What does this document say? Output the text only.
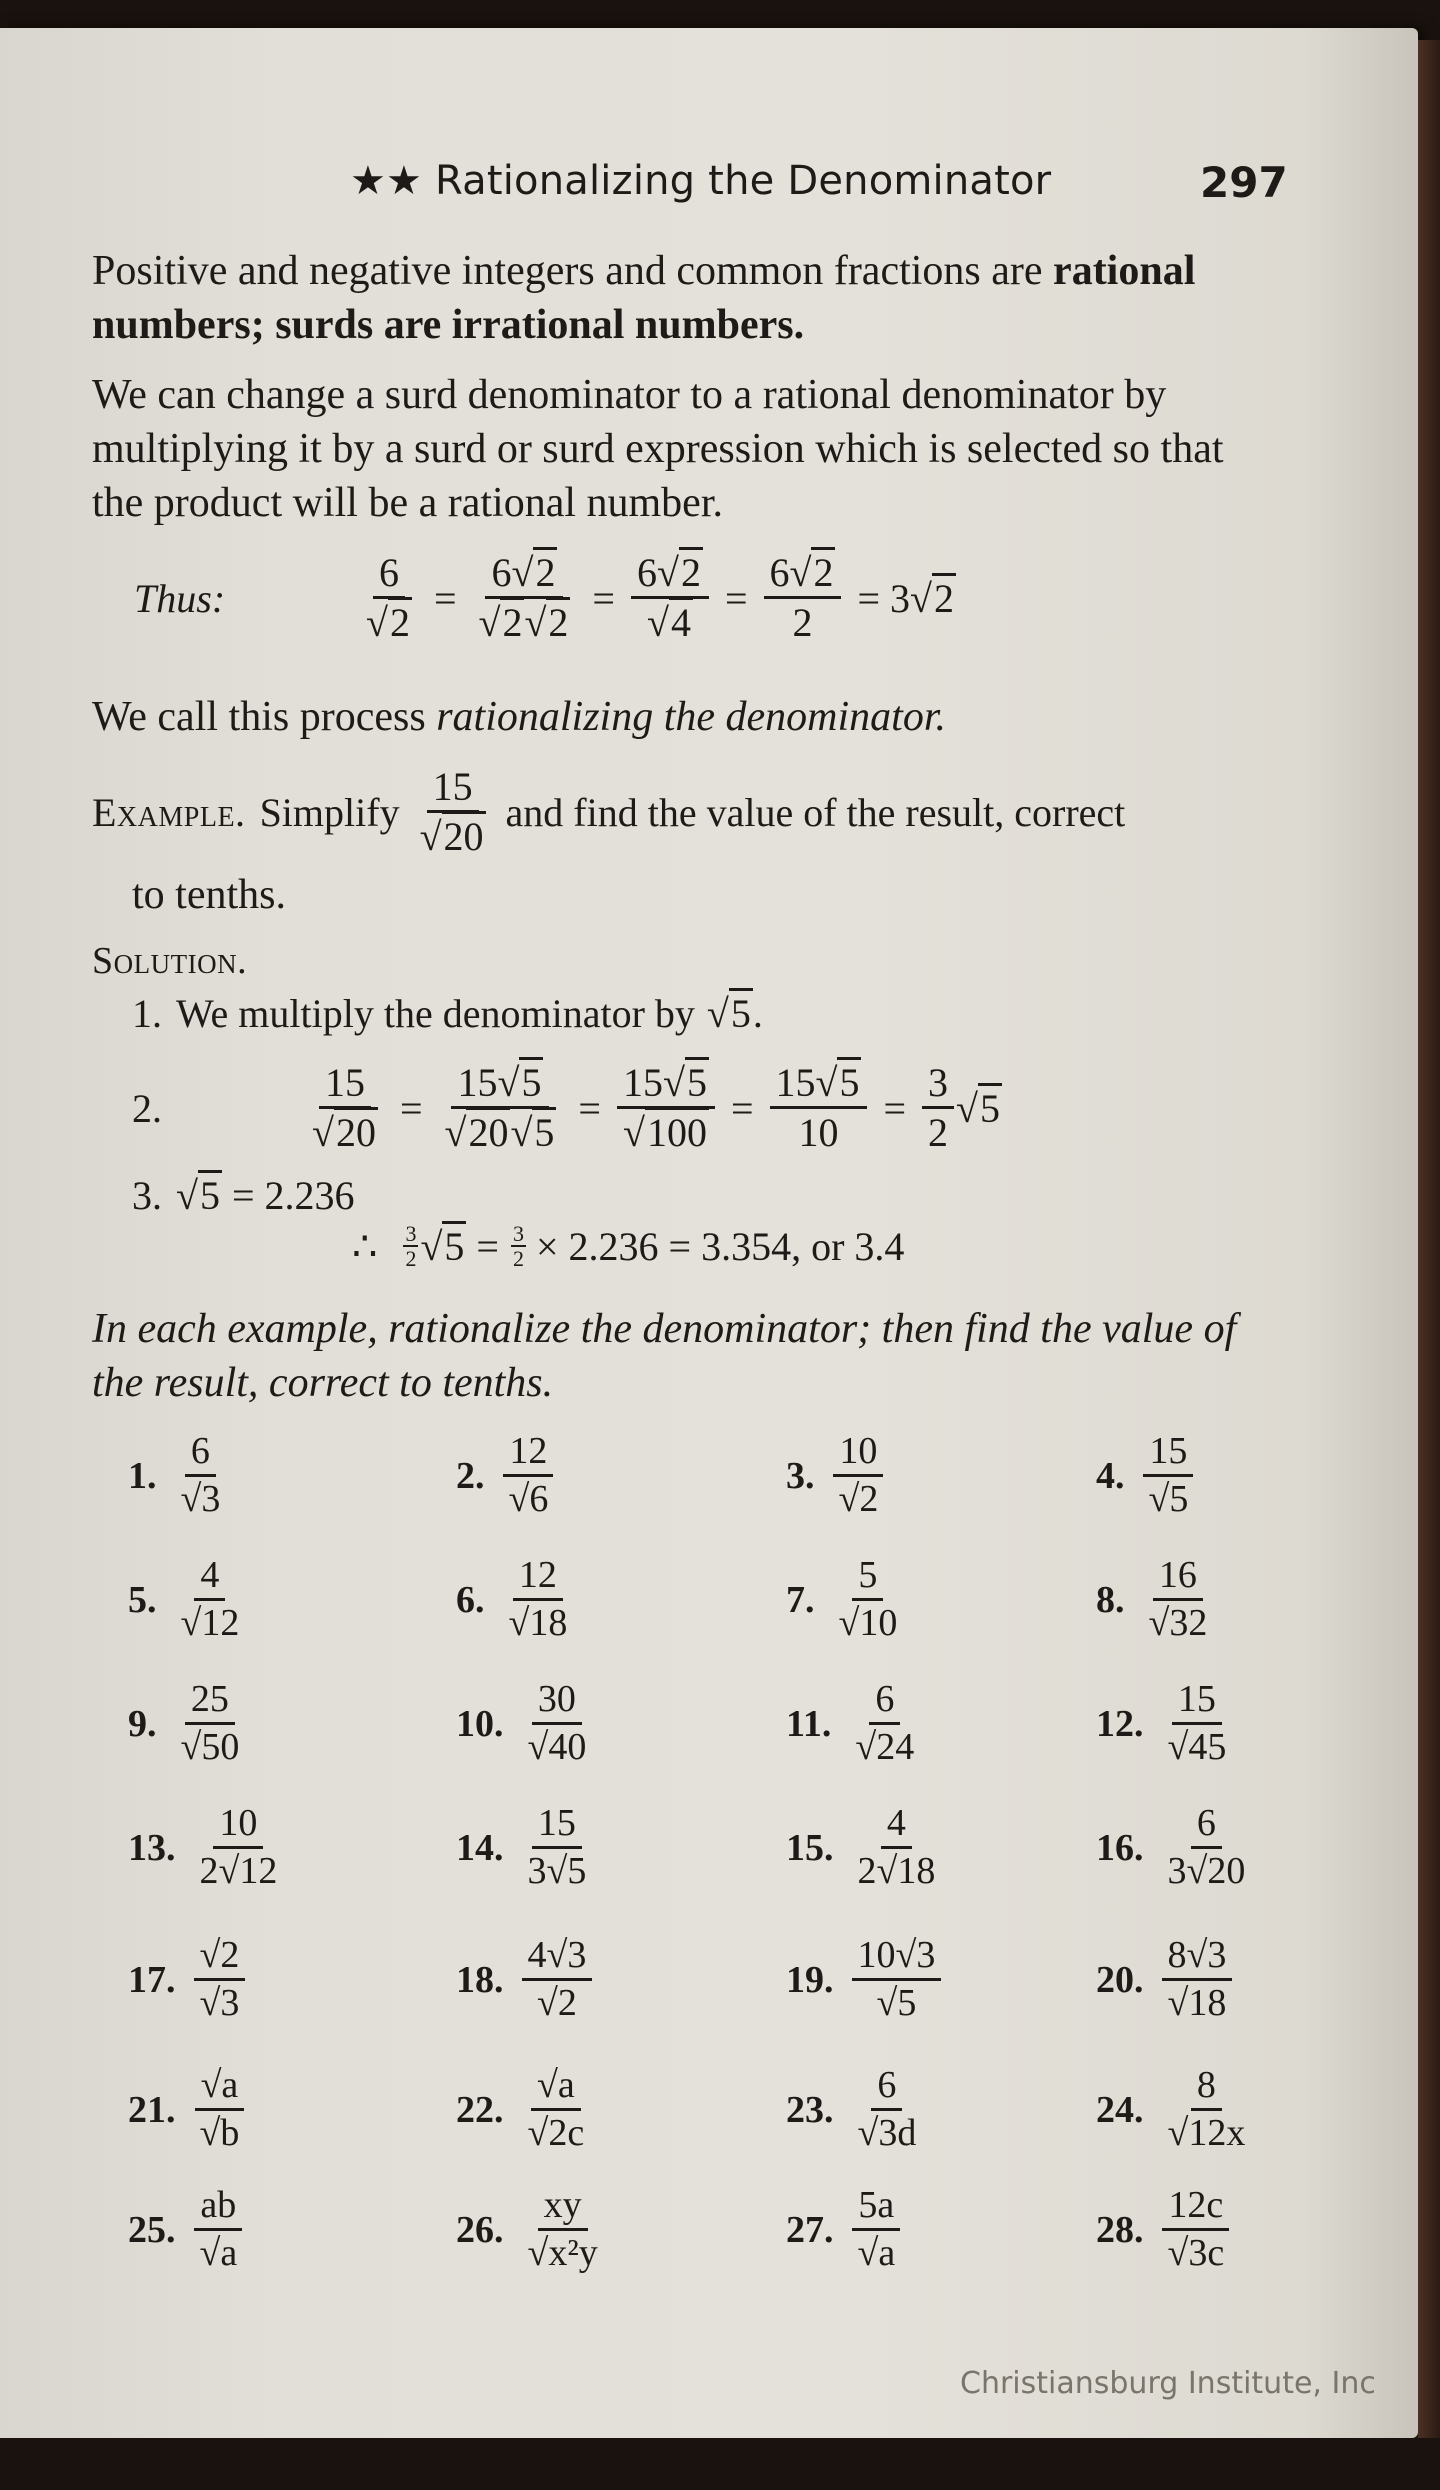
★★ Rationalizing the Denominator	297
Positive and negative integers and common fractions are rational numbers; surds are irrational numbers.
We can change a surd denominator to a rational denominator by multiplying it by a surd or surd expression which is selected so that the product will be a rational number.
Thus:	$\frac{6}{√2} = \frac{6√2}{√2√2} = \frac{6√2}{√4} = \frac{6√2}{2} = 3√2$
We call this process rationalizing the denominator.
Example. Simplify $\frac{15}{√20}$ and find the value of the result, correct
to tenths.
Solution.
1. We multiply the denominator by √5 .
2.	$\frac{15}{√20} = \frac{15√5}{√20√5} = \frac{15√5}{√100} = \frac{15√5}{10} = \frac{3}{2} √5$
3. √5 = 2.236
∴ $\frac{3}{2} √5 = \frac{3}{2} \times 2.236 = 3.354$, or 3.4
In each example, rationalize the denominator; then find the value of the result, correct to tenths.
1. $\frac{6}{√3}$	2. $\frac{12}{√6}$	3. $\frac{10}{√2}$	4. $\frac{15}{√5}$
5. $\frac{4}{√12}$	6. $\frac{12}{√18}$	7. $\frac{5}{√10}$	8. $\frac{16}{√32}$
9. $\frac{25}{√50}$	10. $\frac{30}{√40}$	11. $\frac{6}{√24}$	12. $\frac{15}{√45}$
13. $\frac{10}{2√12}$	14. $\frac{15}{3√5}$	15. $\frac{4}{2√18}$	16. $\frac{6}{3√20}$
17. $\frac{√2}{√3}$	18. $\frac{4√3}{√2}$	19. $\frac{10√3}{√5}$	20. $\frac{8√3}{√18}$
21. $\frac{√a}{√b}$	22. $\frac{√a}{√2c}$	23. $\frac{6}{√3d}$	24. $\frac{8}{√12x}$
25. $\frac{ab}{√a}$	26. $\frac{xy}{\text{√x²y}}$	27. $\frac{5a}{√a}$	28. $\frac{12c}{√3c}$
Christiansburg Institute, Inc
